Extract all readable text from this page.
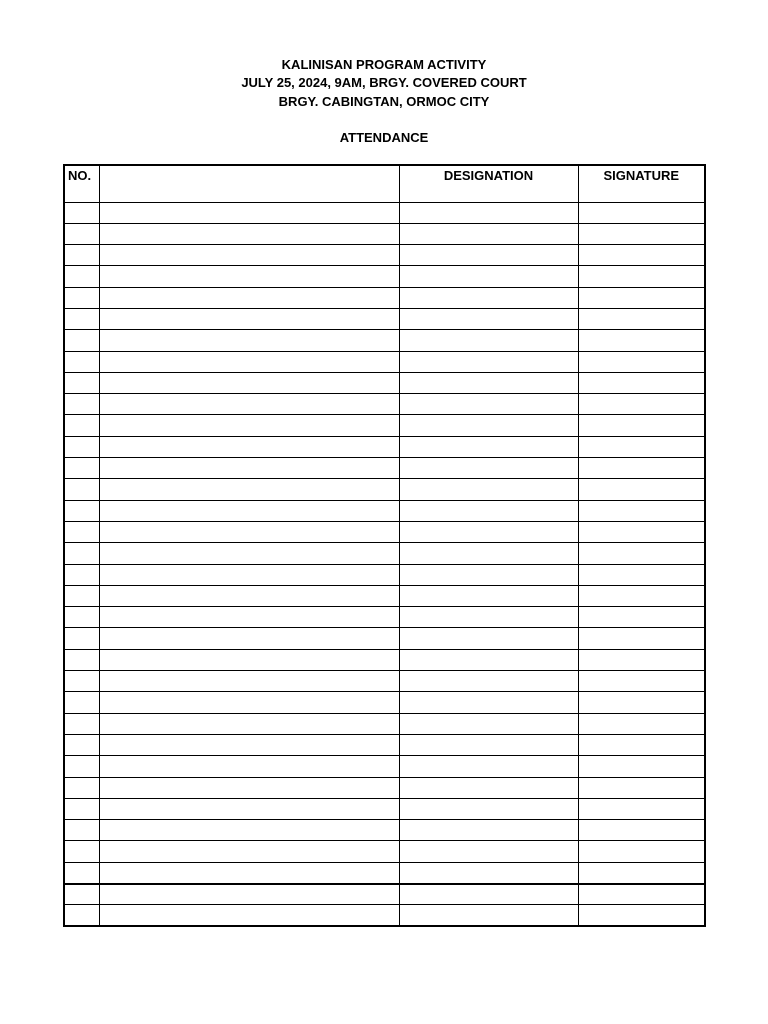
KALINISAN PROGRAM ACTIVITY
JULY 25, 2024, 9AM, BRGY. COVERED COURT
BRGY. CABINGTAN, ORMOC CITY
ATTENDANCE
NO.		DESIGNATION	SIGNATURE
